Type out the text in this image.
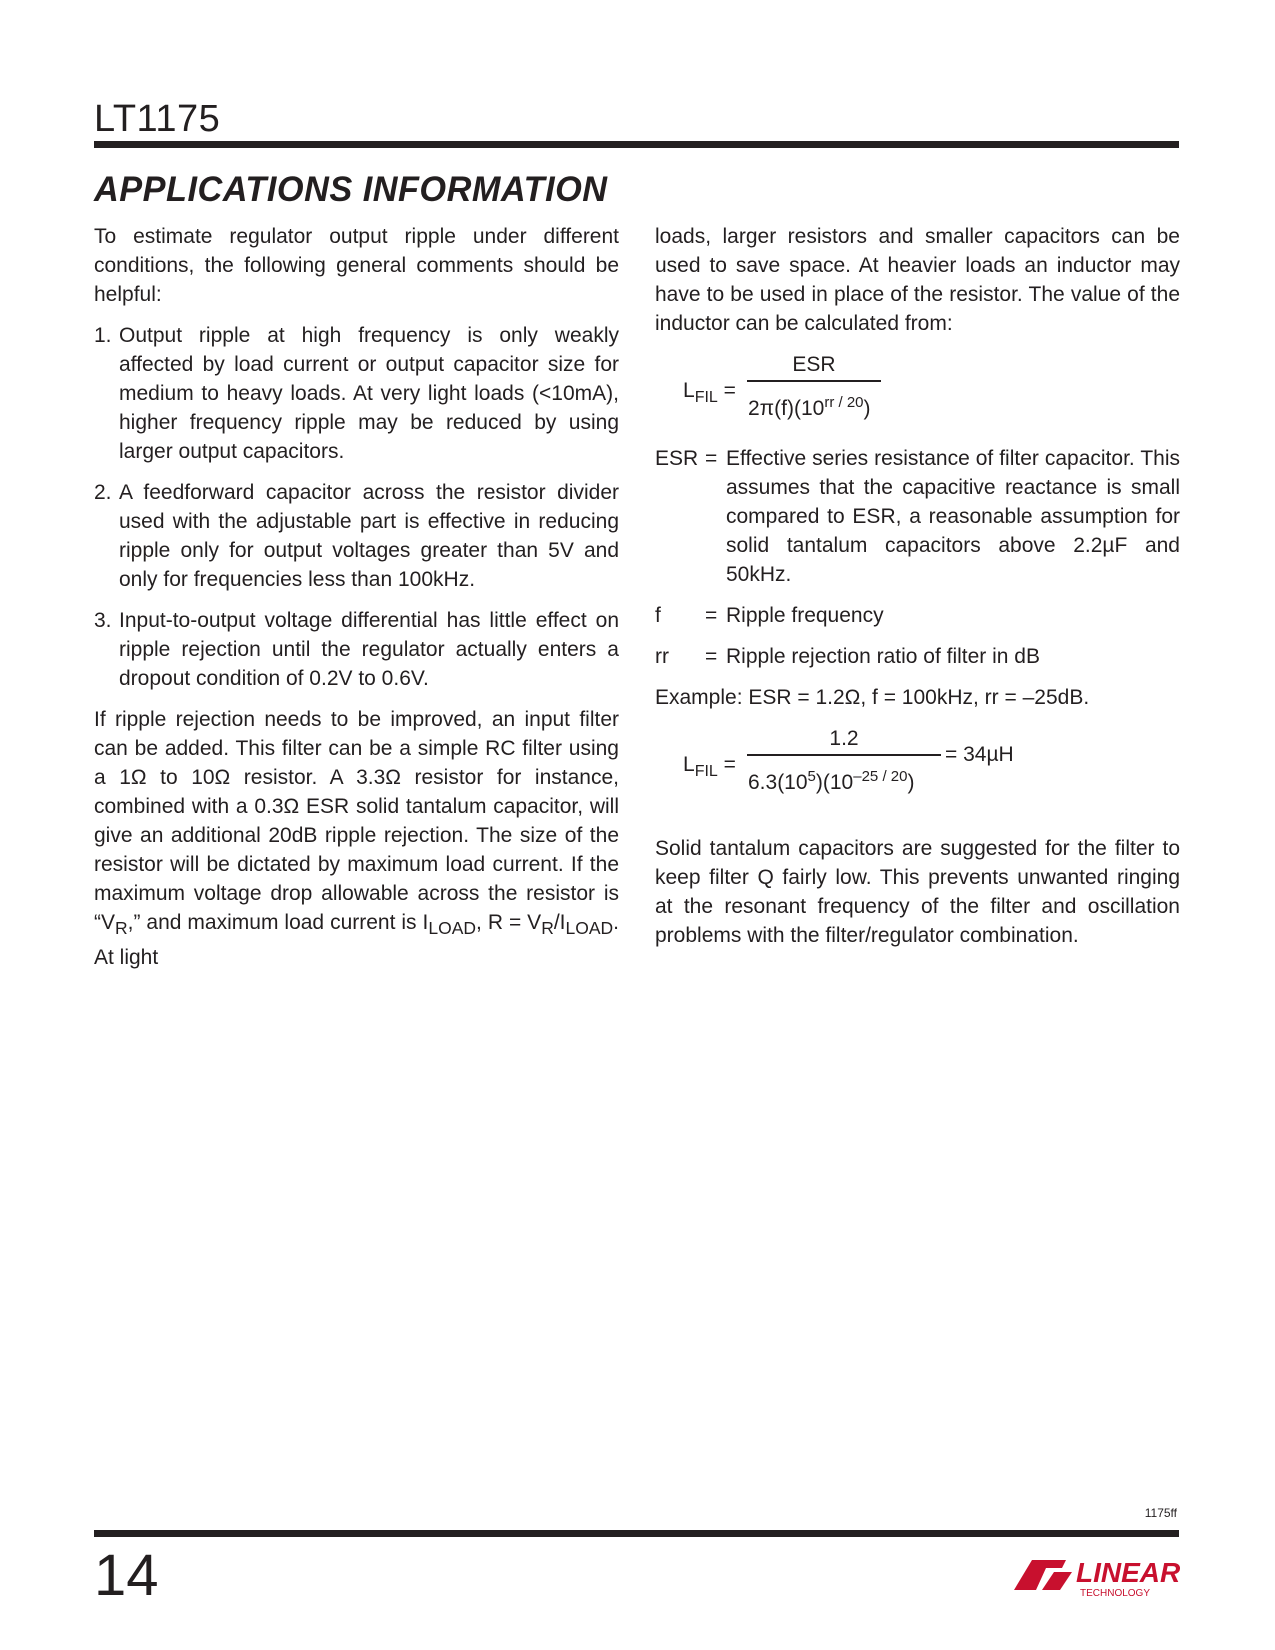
LT1175
APPLICATIONS INFORMATION

To estimate regulator output ripple under different conditions, the following general comments should be helpful:

1. Output ripple at high frequency is only weakly affected by load current or output capacitor size for medium to heavy loads. At very light loads (<10mA), higher frequency ripple may be reduced by using larger output capacitors.
2. A feedforward capacitor across the resistor divider used with the adjustable part is effective in reducing ripple only for output voltages greater than 5V and only for frequencies less than 100kHz.
3. Input-to-output voltage differential has little effect on ripple rejection until the regulator actually enters a dropout condition of 0.2V to 0.6V.

If ripple rejection needs to be improved, an input filter can be added. This filter can be a simple RC filter using a 1Ω to 10Ω resistor. A 3.3Ω resistor for instance, combined with a 0.3Ω ESR solid tantalum capacitor, will give an additional 20dB ripple rejection. The size of the resistor will be dictated by maximum load current. If the maximum voltage drop allowable across the resistor is “$V_R$,” and maximum load current is $I_{LOAD}$, $R = V_R/I_{LOAD}$. At light

loads, larger resistors and smaller capacitors can be used to save space. At heavier loads an inductor may have to be used in place of the resistor. The value of the inductor can be calculated from:

$L_{FIL}$ =
ESR
$2\pi(f)(10^{rr / 20})$
ESR = Effective series resistance of filter capacitor. This assumes that the capacitive reactance is small compared to ESR, a reasonable assumption for solid tantalum capacitors above 2.2µF and 50kHz.
f	= Ripple frequency
rr	= Ripple rejection ratio of filter in dB

Example: ESR = 1.2Ω, f = 100kHz, rr = –25dB.

$L_{FIL}$ =
1.2
$6.3(10^5)(10^{-25 / 20})$
= 34µH

Solid tantalum capacitors are suggested for the filter to keep filter Q fairly low. This prevents unwanted ringing at the resonant frequency of the filter and oscillation problems with the filter/regulator combination.

1175ff
14	LINEAR
TECHNOLOGY
